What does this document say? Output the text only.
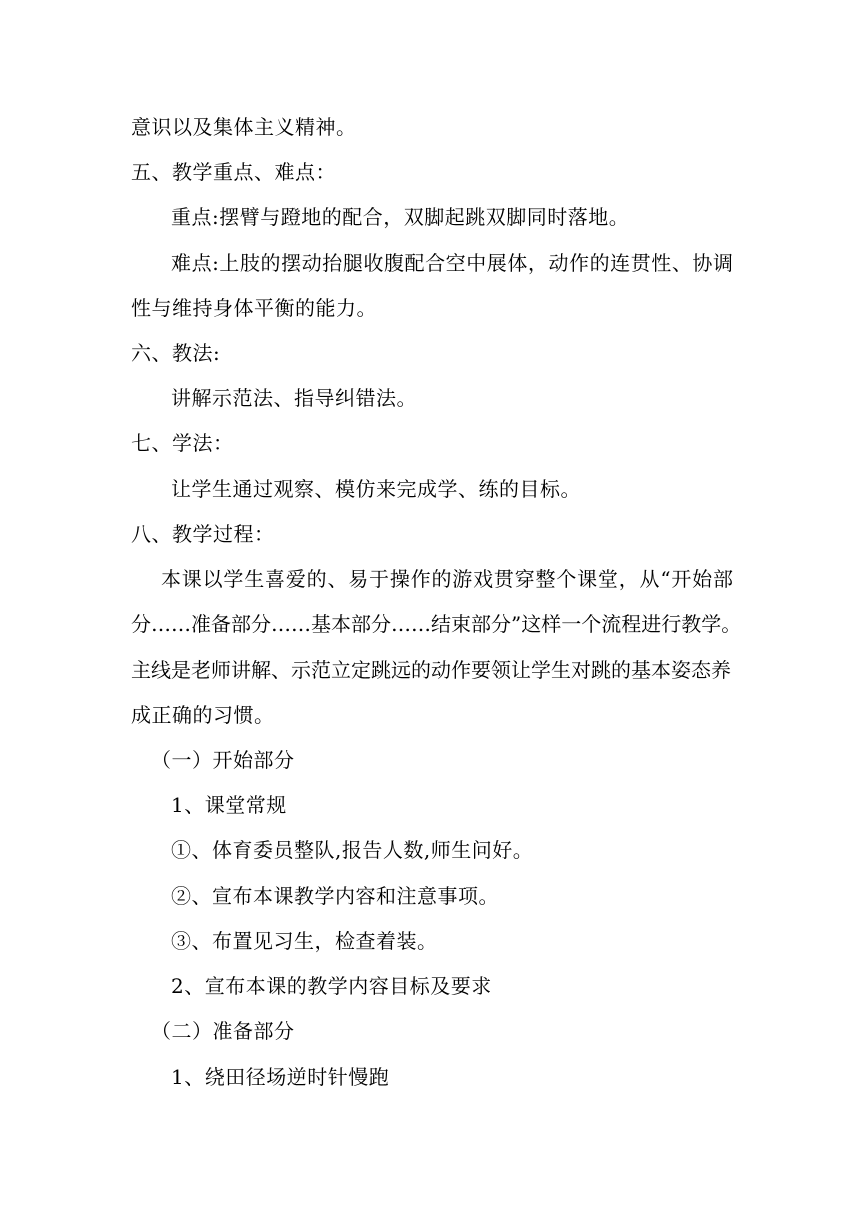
意识以及集体主义精神。
五、教学重点、难点：
重点:摆臂与蹬地的配合，双脚起跳双脚同时落地。
难点:上肢的摆动抬腿收腹配合空中展体，动作的连贯性、协调
性与维持身体平衡的能力。
六、教法:
讲解示范法、指导纠错法。
七、学法：
让学生通过观察、模仿来完成学、练的目标。
八、教学过程：
本课以学生喜爱的、易于操作的游戏贯穿整个课堂，从“开始部
分……准备部分……基本部分……结束部分”这样一个流程进行教学。
主线是老师讲解、示范立定跳远的动作要领让学生对跳的基本姿态养
成正确的习惯。
（一）开始部分
1、课堂常规
①、体育委员整队,报告人数,师生问好。
②、宣布本课教学内容和注意事项。
③、布置见习生，检查着装。
2、宣布本课的教学内容目标及要求
（二）准备部分
1、绕田径场逆时针慢跑
